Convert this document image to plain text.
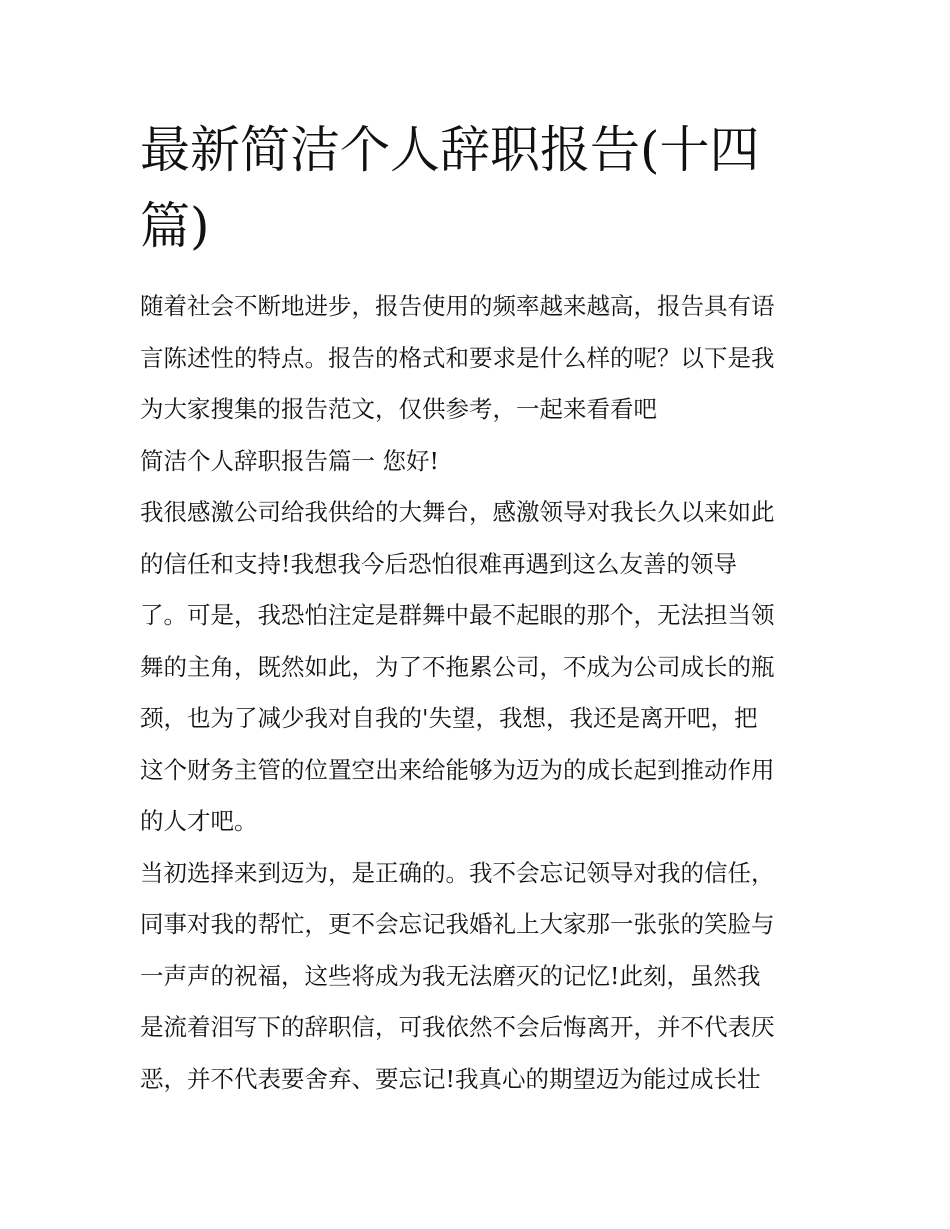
最新简洁个人辞职报告(十四
篇)

随着社会不断地进步，报告使用的频率越来越高，报告具有语
言陈述性的特点。报告的格式和要求是什么样的呢？以下是我
为大家搜集的报告范文，仅供参考，一起来看看吧

简洁个人辞职报告篇一 您好!

我很感激公司给我供给的大舞台，感激领导对我长久以来如此
的信任和支持!我想我今后恐怕很难再遇到这么友善的领导
了。可是，我恐怕注定是群舞中最不起眼的那个，无法担当领
舞的主角，既然如此，为了不拖累公司，不成为公司成长的瓶
颈，也为了减少我对自我的'失望，我想，我还是离开吧，把
这个财务主管的位置空出来给能够为迈为的成长起到推动作用
的人才吧。

当初选择来到迈为，是正确的。我不会忘记领导对我的信任，
同事对我的帮忙，更不会忘记我婚礼上大家那一张张的笑脸与
一声声的祝福，这些将成为我无法磨灭的记忆!此刻，虽然我
是流着泪写下的辞职信，可我依然不会后悔离开，并不代表厌
恶，并不代表要舍弃、要忘记!我真心的期望迈为能过成长壮
